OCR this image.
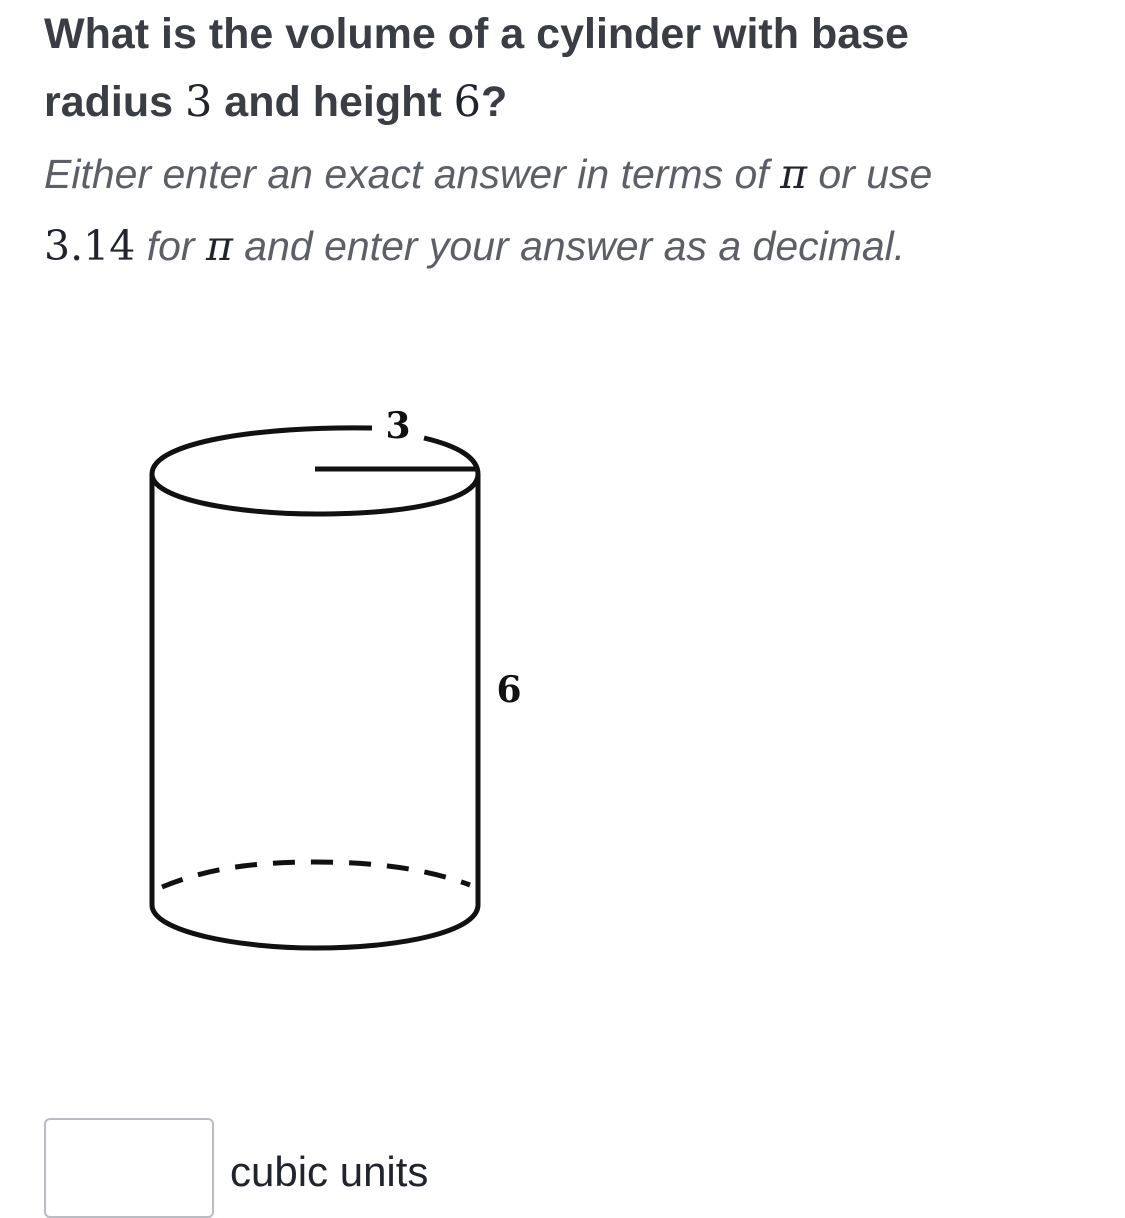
What is the volume of a cylinder with base
radius 3 and height 6?
Either enter an exact answer in terms of π or use
3.14 for π and enter your answer as a decimal.
3
6
cubic units
